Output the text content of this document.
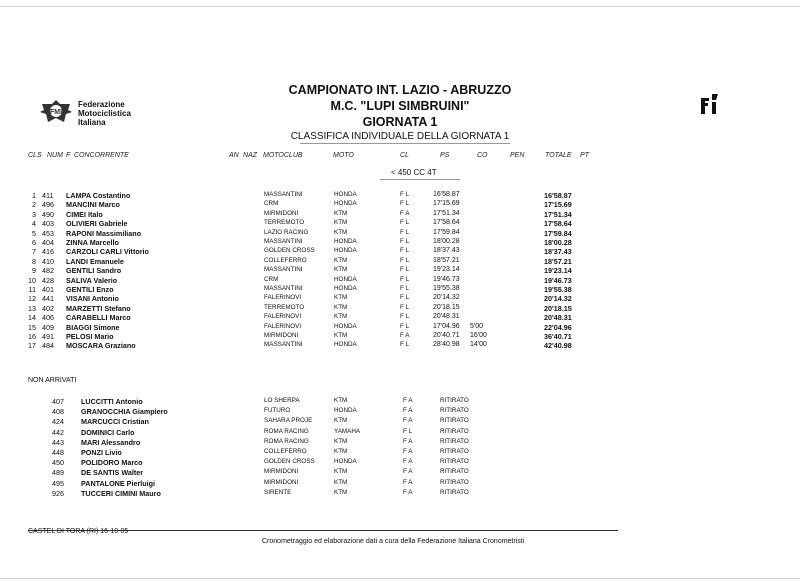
FMI
Federazione
Motociclistica
Italiana
CAMPIONATO INT. LAZIO - ABRUZZO
M.C. "LUPI SIMBRUINI"
GIORNATA 1
CLASSIFICA INDIVIDUALE DELLA GIORNATA 1
CLS NUM F CONCORRENTE	AN NAZ MOTOCLUB	MOTO	CL	PS	CO	PEN	TOTALE PT
< 450 CC 4T
1 411 LAMPA Costantino	MASSANTINI	HONDA	F L	16'58.87	16'58.87
2 496 MANCINI Marco	CRM	HONDA	F L	17'15.69	17'15.69
3 490 CIMEI Italo	MIRMIDONI	KTM	F A	17'51.34	17'51.34
4 403 OLIVIERI Gabriele	TERREMOTO	KTM	F L	17'58.64	17'58.64
5 453 RAPONI Massimiliano	LAZIO RACING	KTM	F L	17'59.84	17'59.84
6 404 ZINNA Marcello	MASSANTINI	HONDA	F L	18'00.28	18'00.28
7 416 CARZOLI CARLI Vittorio	GOLDEN CROSS	HONDA	F L	18'37.43	18'37.43
8 410 LANDI Emanuele	COLLEFERRO	KTM	F L	18'57.21	18'57.21
9 482 GENTILI Sandro	MASSANTINI	KTM	F L	19'23.14	19'23.14
10 428 SALIVA Valerio	CRM	HONDA	F L	19'46.73	19'46.73
11 401 GENTILI Enzo	MASSANTINI	HONDA	F L	19'55.38	19'55.38
12 441 VISANI Antonio	FALERINOVI	KTM	F L	20'14.32	20'14.32
13 402 MARZETTI Stefano	TERREMOTO	KTM	F L	20'18.15	20'18.15
14 406 CARABELLI Marco	FALERINOVI	KTM	F L	20'48.31	20'48.31
15 409 BIAGGI Simone	FALERINOVI	HONDA	F L	17'04.96 5'00	22'04.96
16 491 PELOSI Mario	MIRMIDONI	KTM	F A	20'40.71 16'00	36'40.71
17 484 MOSCARA Graziano	MASSANTINI	HONDA	F L	28'40.98 14'00	42'40.98
NON ARRIVATI
407 LUCCITTI Antonio	LO SHERPA	KTM	F A	RITIRATO
408 GRANOCCHIA Giampiero	FUTURO	HONDA	F A	RITIRATO
424 MARCUCCI Cristian	SAHARA PROJE	KTM	F A	RITIRATO
442 DOMINICI Carlo	ROMA RACING	YAMAHA	F L	RITIRATO
443 MARI Alessandro	ROMA RACING	KTM	F A	RITIRATO
448 PONZI Livio	COLLEFERRO	KTM	F A	RITIRATO
450 POLIDORO Marco	GOLDEN CROSS	HONDA	F A	RITIRATO
489 DE SANTIS Walter	MIRMIDONI	KTM	F A	RITIRATO
495 PANTALONE Pierluigi	MIRMIDONI	KTM	F A	RITIRATO
926 TUCCERI CIMINI Mauro	SIRENTE	KTM	F A	RITIRATO
CASTEL DI TORA (RI) 16-10-05
Cronometraggio ed elaborazione dati a cura della Federazione Italiana Cronometristi
